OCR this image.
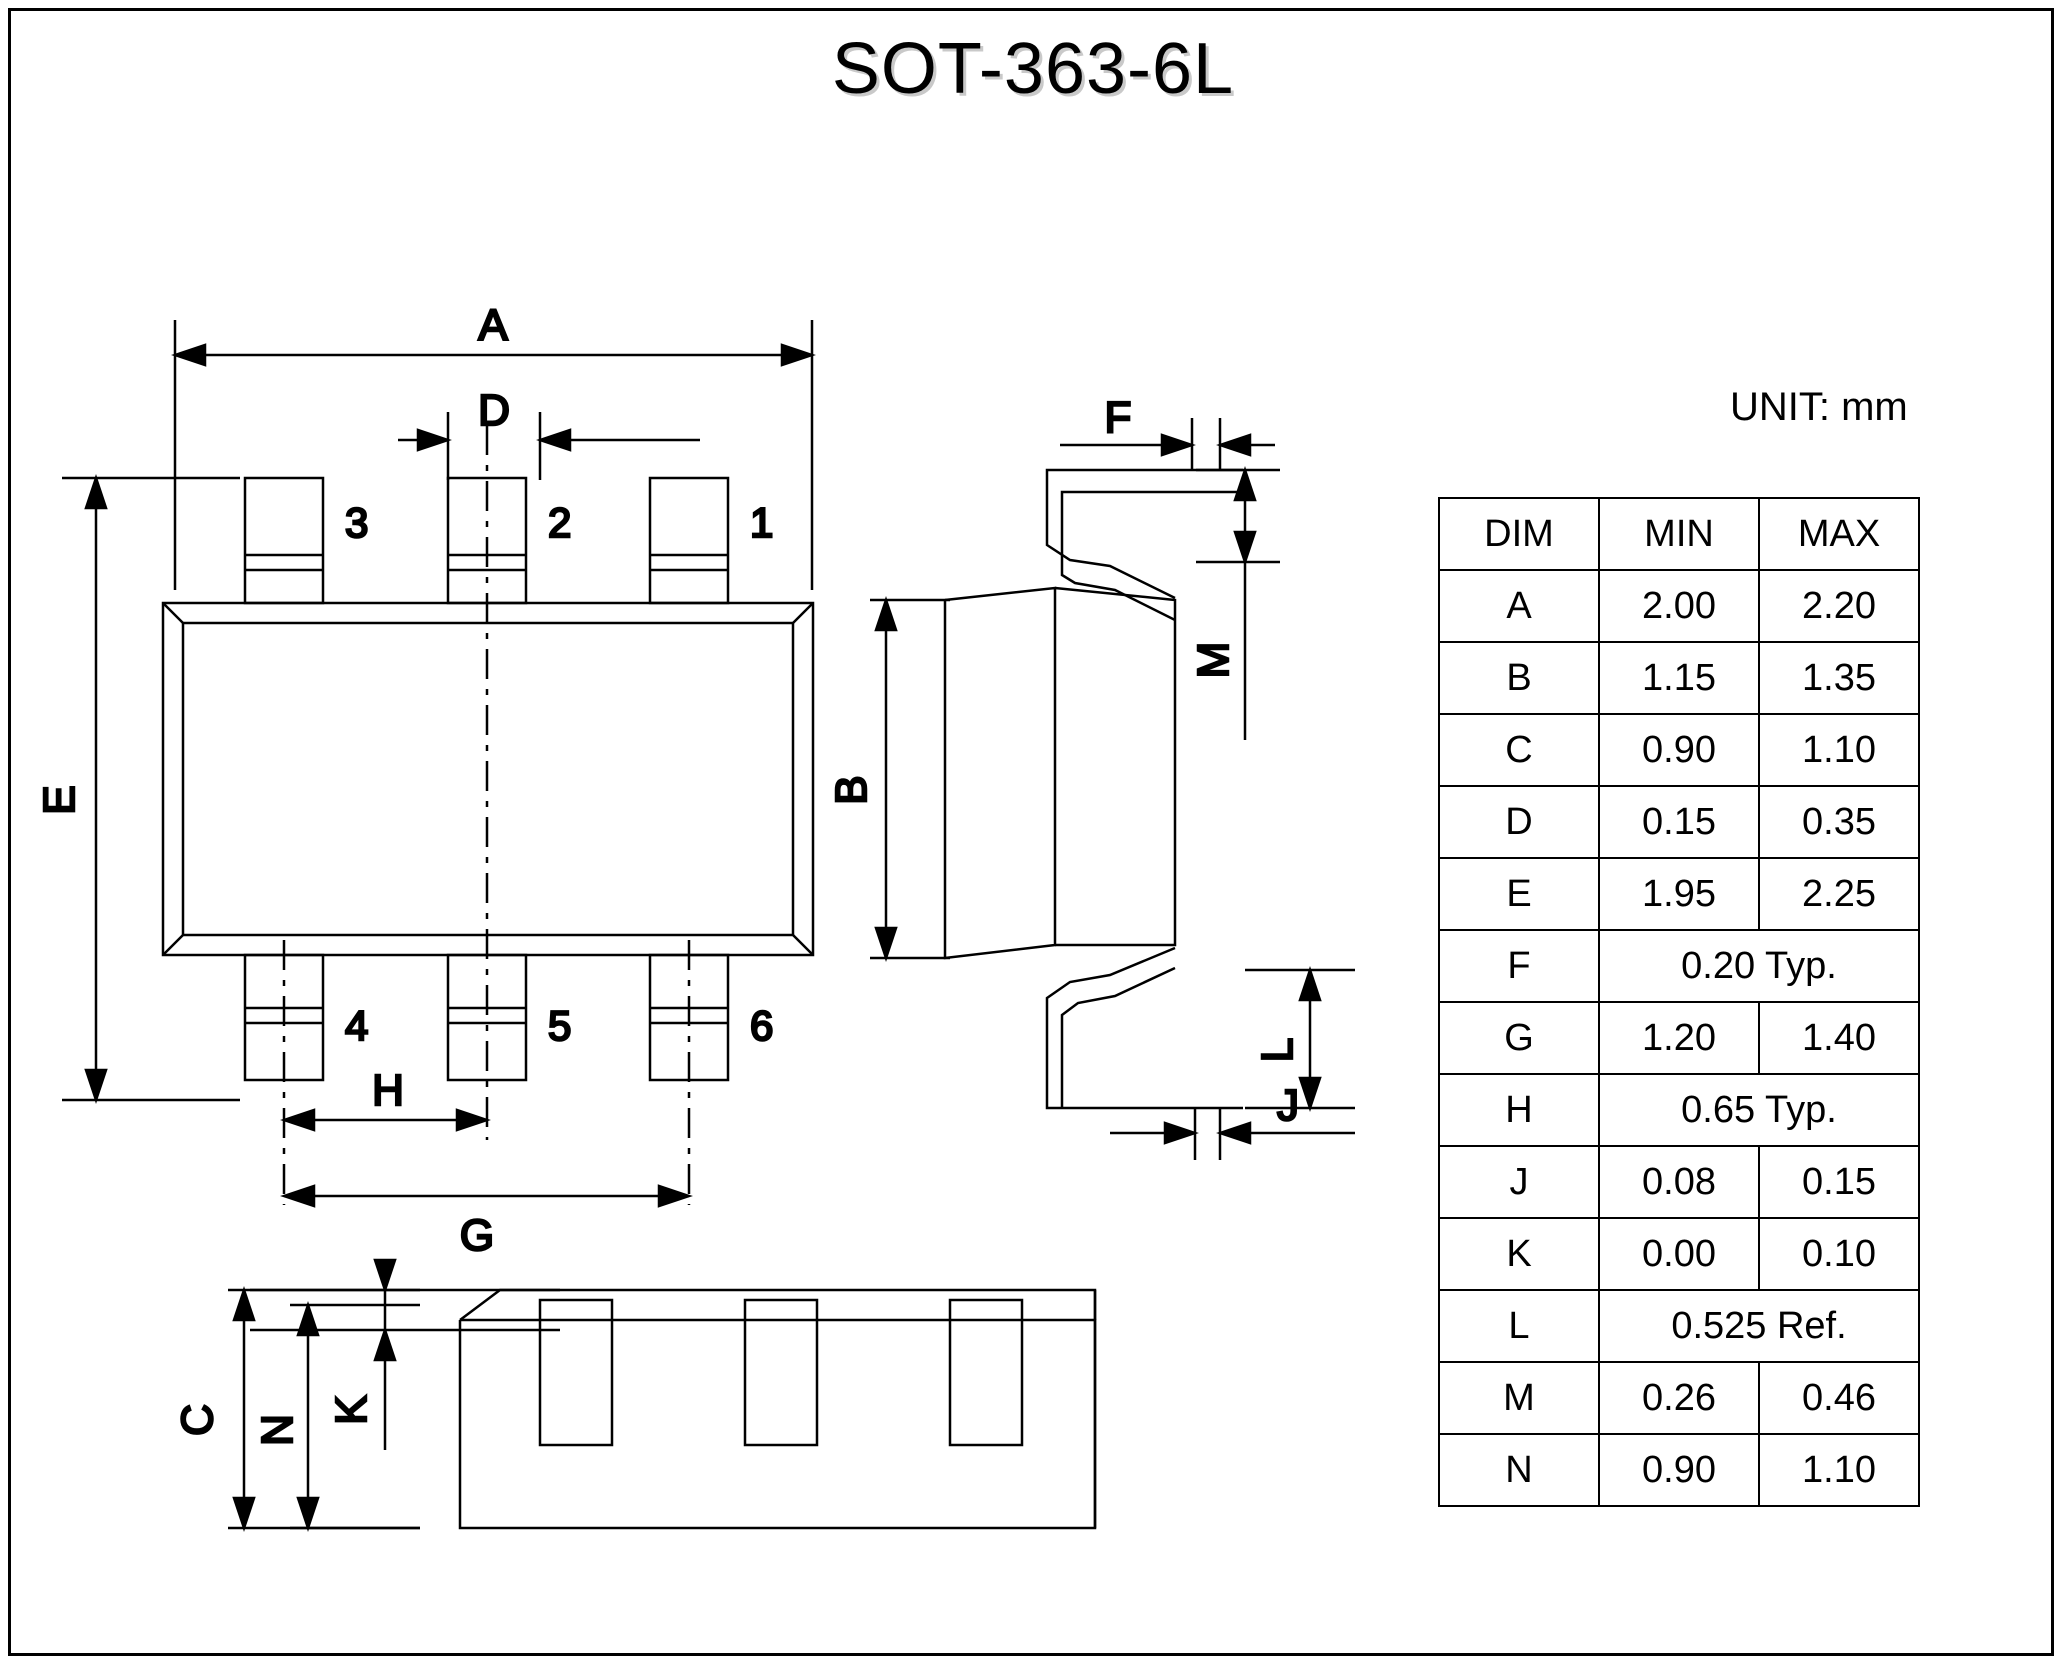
SOT-363-6L
UNIT: mm
A
D
E
3	2	1
4	5	6
H
G
F
M
B
L
J
C N
K
DIM	MIN	MAX
A	2.00	2.20
B	1.15	1.35
C	0.90	1.10
D	0.15	0.35
E	1.95	2.25
F	0.20 Typ.	
G	1.20	1.40
H	0.65 Typ.	
J	0.08	0.15
K	0.00	0.10
L	0.525 Ref.	
M	0.26	0.46
N	0.90	1.10
